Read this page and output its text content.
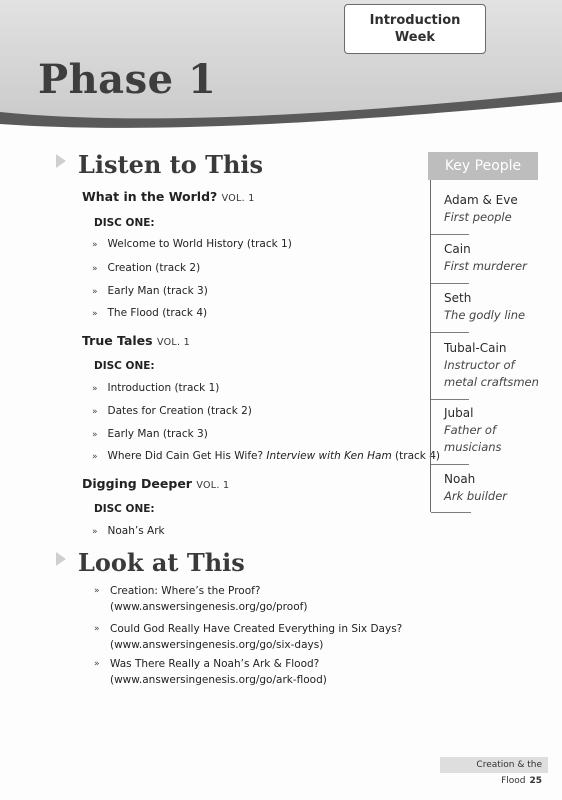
Introduction
Week
Phase 1
Listen to This
What in the World? VOL. 1
DISC ONE:
» Welcome to World History (track 1)
» Creation (track 2)
» Early Man (track 3)
» The Flood (track 4)
True Tales VOL. 1
DISC ONE:
» Introduction (track 1)
» Dates for Creation (track 2)
» Early Man (track 3)
» Where Did Cain Get His Wife? Interview with Ken Ham (track 4)
Digging Deeper VOL. 1
DISC ONE:
» Noah’s Ark
Look at This
» Creation: Where’s the Proof? (www.answersingenesis.org/go/proof)
» Could God Really Have Created Everything in Six Days? (www.answersingenesis.org/go/six-days)
» Was There Really a Noah’s Ark & Flood? (www.answersingenesis.org/go/ark-flood)
Key People
Adam & Eve
First people
Cain
First murderer
Seth
The godly line
Tubal-Cain
Instructor of
metal craftsmen
Jubal
Father of
musicians
Noah
Ark builder
Creation & the Flood 25
